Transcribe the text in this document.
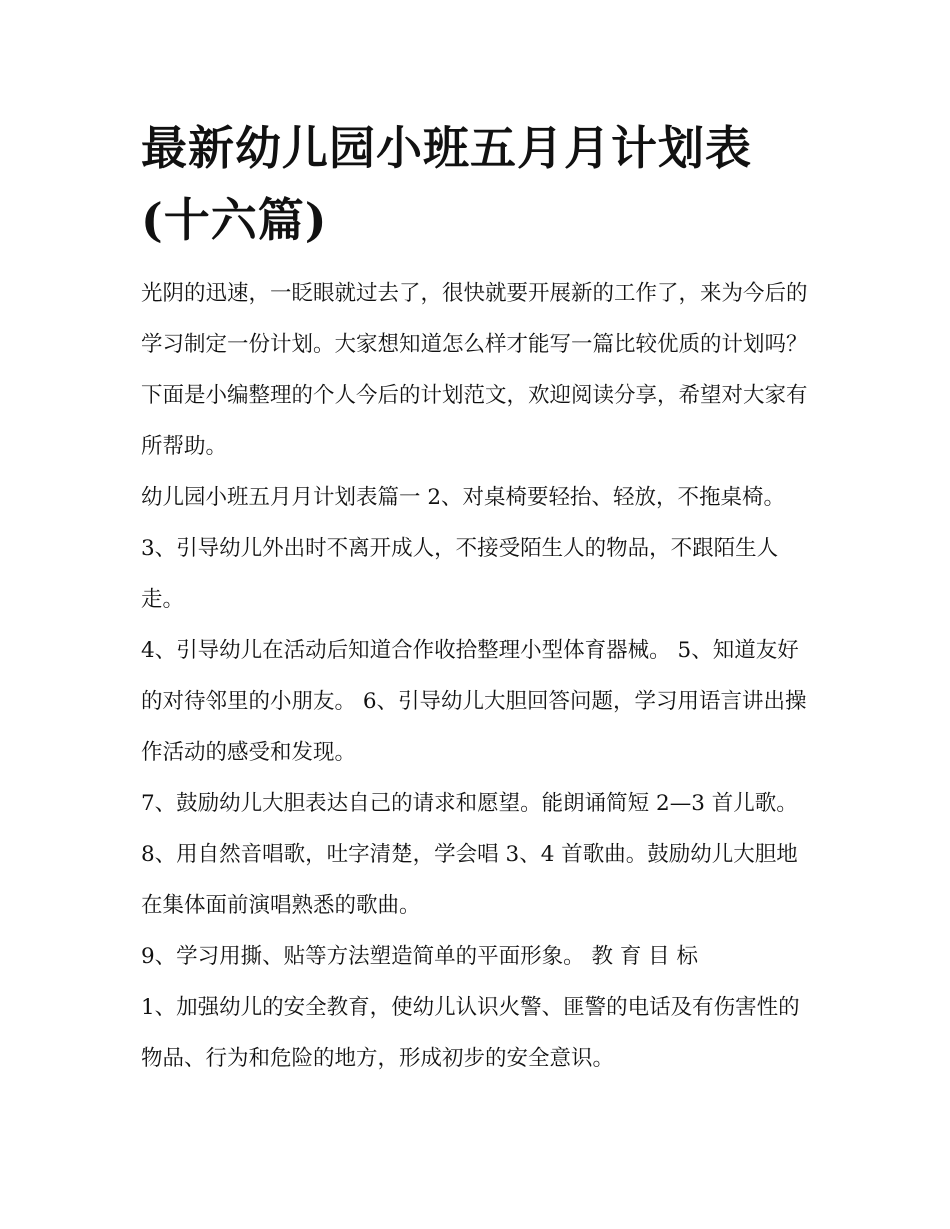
最新幼儿园小班五月月计划表(十六篇)

光阴的迅速，一眨眼就过去了，很快就要开展新的工作了，来为今后的学习制定一份计划。大家想知道怎么样才能写一篇比较优质的计划吗？下面是小编整理的个人今后的计划范文，欢迎阅读分享，希望对大家有所帮助。

幼儿园小班五月月计划表篇一 2、对桌椅要轻抬、轻放，不拖桌椅。 3、引导幼儿外出时不离开成人，不接受陌生人的物品，不跟陌生人走。

4、引导幼儿在活动后知道合作收拾整理小型体育器械。 5、知道友好的对待邻里的小朋友。 6、引导幼儿大胆回答问题，学习用语言讲出操作活动的感受和发现。

7、鼓励幼儿大胆表达自己的请求和愿望。能朗诵简短 2—3 首儿歌。 8、用自然音唱歌，吐字清楚，学会唱 3、4 首歌曲。鼓励幼儿大胆地在集体面前演唱熟悉的歌曲。

9、学习用撕、贴等方法塑造简单的平面形象。 教 育 目 标

1、加强幼儿的安全教育，使幼儿认识火警、匪警的电话及有伤害性的物品、行为和危险的地方，形成初步的安全意识。
